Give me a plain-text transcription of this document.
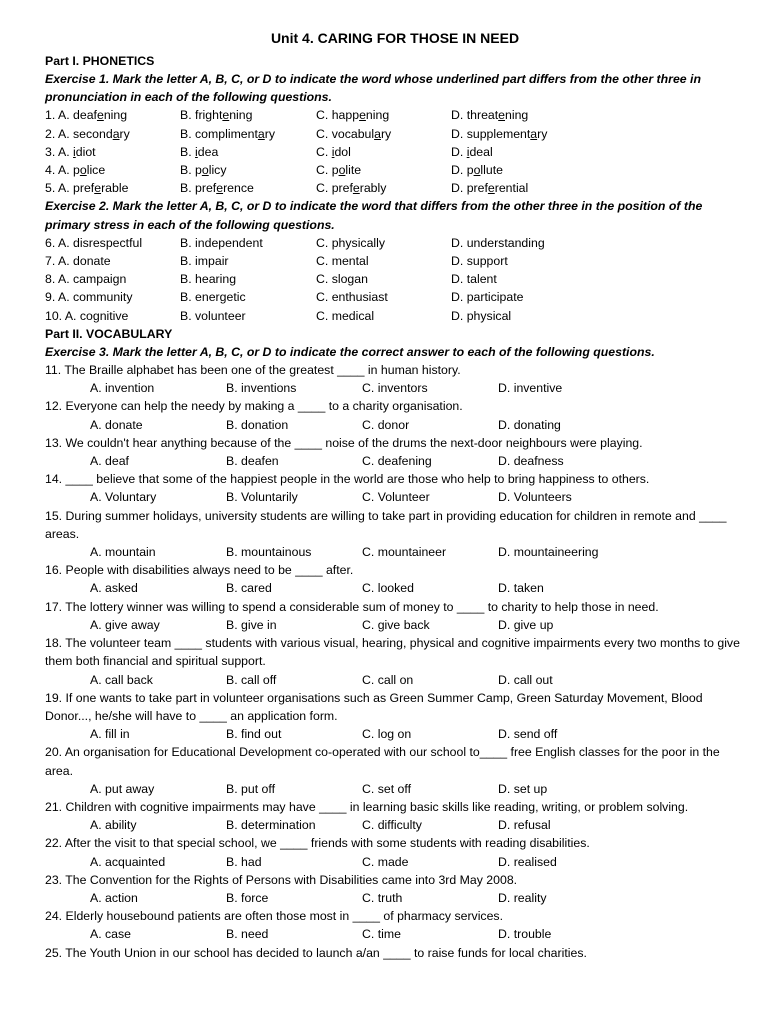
Unit 4. CARING FOR THOSE IN NEED
Part I. PHONETICS
Exercise 1. Mark the letter A, B, C, or D to indicate the word whose underlined part differs from the other three in pronunciation in each of the following questions.
1. A. deafening	B. frightening	C. happening	D. threatening
2. A. secondary	B. complimentary	C. vocabulary	D. supplementary
3. A. idiot	B. idea	C. idol	D. ideal
4. A. police	B. policy	C. polite	D. pollute
5. A. preferable	B. preference	C. preferably	D. preferential
Exercise 2. Mark the letter A, B, C, or D to indicate the word that differs from the other three in the position of the primary stress in each of the following questions.
6. A. disrespectful	B. independent	C. physically	D. understanding
7. A. donate	B. impair	C. mental	D. support
8. A. campaign	B. hearing	C. slogan	D. talent
9. A. community	B. energetic	C. enthusiast	D. participate
10. A. cognitive	B. volunteer	C. medical	D. physical
Part II. VOCABULARY
Exercise 3. Mark the letter A, B, C, or D to indicate the correct answer to each of the following questions.
11. The Braille alphabet has been one of the greatest ____ in human history.
A. invention	B. inventions	C. inventors	D. inventive
12. Everyone can help the needy by making a ____ to a charity organisation.
A. donate	B. donation	C. donor	D. donating
13. We couldn't hear anything because of the ____ noise of the drums the next-door neighbours were playing.
A. deaf	B. deafen	C. deafening	D. deafness
14. ____ believe that some of the happiest people in the world are those who help to bring happiness to others.
A. Voluntary	B. Voluntarily	C. Volunteer	D. Volunteers
15. During summer holidays, university students are willing to take part in providing education for children in remote and ____ areas.
A. mountain	B. mountainous	C. mountaineer	D. mountaineering
16. People with disabilities always need to be ____ after.
A. asked	B. cared	C. looked	D. taken
17. The lottery winner was willing to spend a considerable sum of money to ____ to charity to help those in need.
A. give away	B. give in	C. give back	D. give up
18. The volunteer team ____ students with various visual, hearing, physical and cognitive impairments every two months to give them both financial and spiritual support.
A. call back	B. call off	C. call on	D. call out
19. If one wants to take part in volunteer organisations such as Green Summer Camp, Green Saturday Movement, Blood Donor..., he/she will have to ____ an application form.
A. fill in	B. find out	C. log on	D. send off
20. An organisation for Educational Development co-operated with our school to____ free English classes for the poor in the area.
A. put away	B. put off	C. set off	D. set up
21. Children with cognitive impairments may have ____ in learning basic skills like reading, writing, or problem solving.
A. ability	B. determination	C. difficulty	D. refusal
22. After the visit to that special school, we ____ friends with some students with reading disabilities.
A. acquainted	B. had	C. made	D. realised
23. The Convention for the Rights of Persons with Disabilities came into 3rd May 2008.
A. action	B. force	C. truth	D. reality
24. Elderly housebound patients are often those most in ____ of pharmacy services.
A. case	B. need	C. time	D. trouble
25. The Youth Union in our school has decided to launch a/an ____ to raise funds for local charities.
